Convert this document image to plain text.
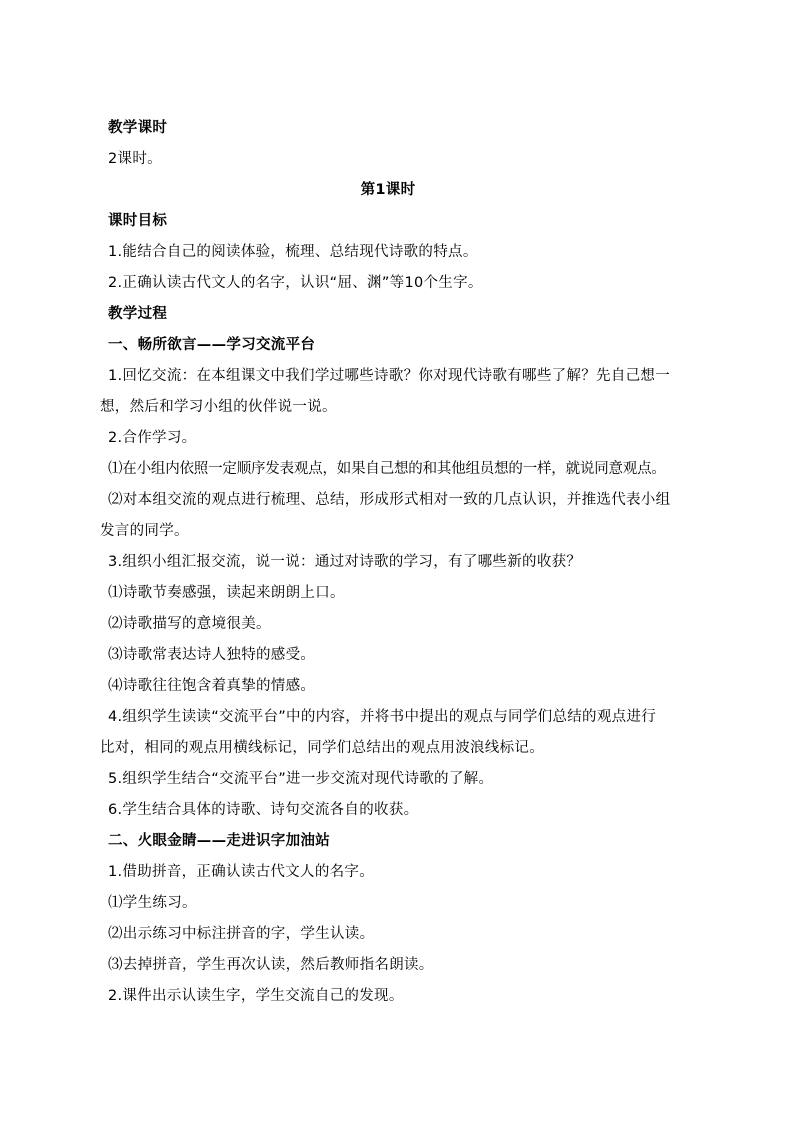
教学课时
2课时。
第1课时
课时目标
1.能结合自己的阅读体验，梳理、总结现代诗歌的特点。
2.正确认读古代文人的名字，认识“屈、渊”等10个生字。
教学过程
一、畅所欲言——学习交流平台
1.回忆交流：在本组课文中我们学过哪些诗歌？你对现代诗歌有哪些了解？先自己想一
想，然后和学习小组的伙伴说一说。
2.合作学习。
⑴在小组内依照一定顺序发表观点，如果自己想的和其他组员想的一样，就说同意观点。
⑵对本组交流的观点进行梳理、总结，形成形式相对一致的几点认识，并推选代表小组
发言的同学。
3.组织小组汇报交流，说一说：通过对诗歌的学习，有了哪些新的收获？
⑴诗歌节奏感强，读起来朗朗上口。
⑵诗歌描写的意境很美。
⑶诗歌常表达诗人独特的感受。
⑷诗歌往往饱含着真挚的情感。
4.组织学生读读“交流平台”中的内容，并将书中提出的观点与同学们总结的观点进行
比对，相同的观点用横线标记，同学们总结出的观点用波浪线标记。
5.组织学生结合“交流平台”进一步交流对现代诗歌的了解。
6.学生结合具体的诗歌、诗句交流各自的收获。
二、火眼金睛——走进识字加油站
1.借助拼音，正确认读古代文人的名字。
⑴学生练习。
⑵出示练习中标注拼音的字，学生认读。
⑶去掉拼音，学生再次认读，然后教师指名朗读。
2.课件出示认读生字，学生交流自己的发现。
